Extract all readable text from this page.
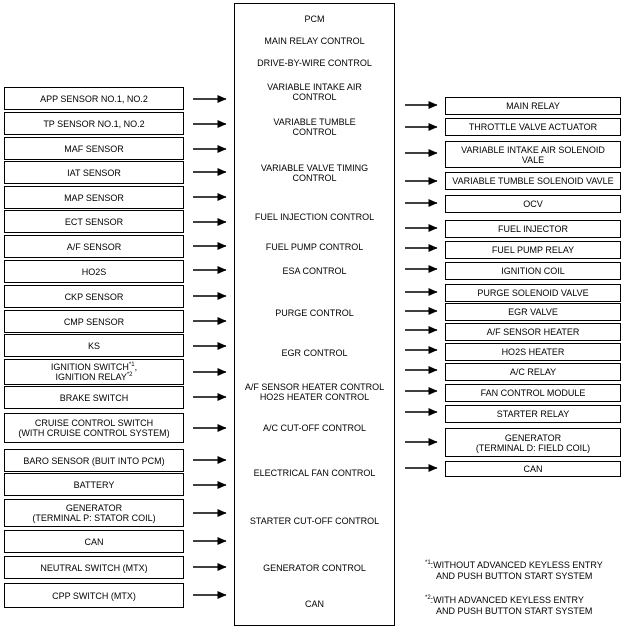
PCM
MAIN RELAY CONTROL
DRIVE-BY-WIRE CONTROL
VARIABLE INTAKE AIR
CONTROL
VARIABLE TUMBLE
CONTROL
VARIABLE VALVE TIMING
CONTROL
FUEL INJECTION CONTROL
FUEL PUMP CONTROL
ESA CONTROL
PURGE CONTROL
EGR CONTROL
A/F SENSOR HEATER CONTROL
HO2S HEATER CONTROL
A/C CUT-OFF CONTROL
ELECTRICAL FAN CONTROL
STARTER CUT-OFF CONTROL
GENERATOR CONTROL
CAN
APP SENSOR NO.1, NO.2
TP SENSOR NO.1, NO.2
MAF SENSOR
IAT SENSOR
MAP SENSOR
ECT SENSOR
A/F SENSOR
HO2S
CKP SENSOR
CMP SENSOR
KS
IGNITION SWITCH$^{*1}$,
IGNITION RELAY$^{*2}$
BRAKE SWITCH
CRUISE CONTROL SWITCH
(WITH CRUISE CONTROL SYSTEM)
BARO SENSOR (BUIT INTO PCM)
BATTERY
GENERATOR
(TERMINAL P: STATOR COIL)
CAN
NEUTRAL SWITCH (MTX)
CPP SWITCH (MTX)
MAIN RELAY
THROTTLE VALVE ACTUATOR
VARIABLE INTAKE AIR SOLENOID
VALE
VARIABLE TUMBLE SOLENOID VAVLE
OCV
FUEL INJECTOR
FUEL PUMP RELAY
IGNITION COIL
PURGE SOLENOID VALVE
EGR VALVE
A/F SENSOR HEATER
HO2S HEATER
A/C RELAY
FAN CONTROL MODULE
STARTER RELAY
GENERATOR
(TERMINAL D: FIELD COIL)
CAN
$^{*1}$:WITHOUT ADVANCED KEYLESS ENTRY
AND PUSH BUTTON START SYSTEM
$^{*2}$:WITH ADVANCED KEYLESS ENTRY
AND PUSH BUTTON START SYSTEM
